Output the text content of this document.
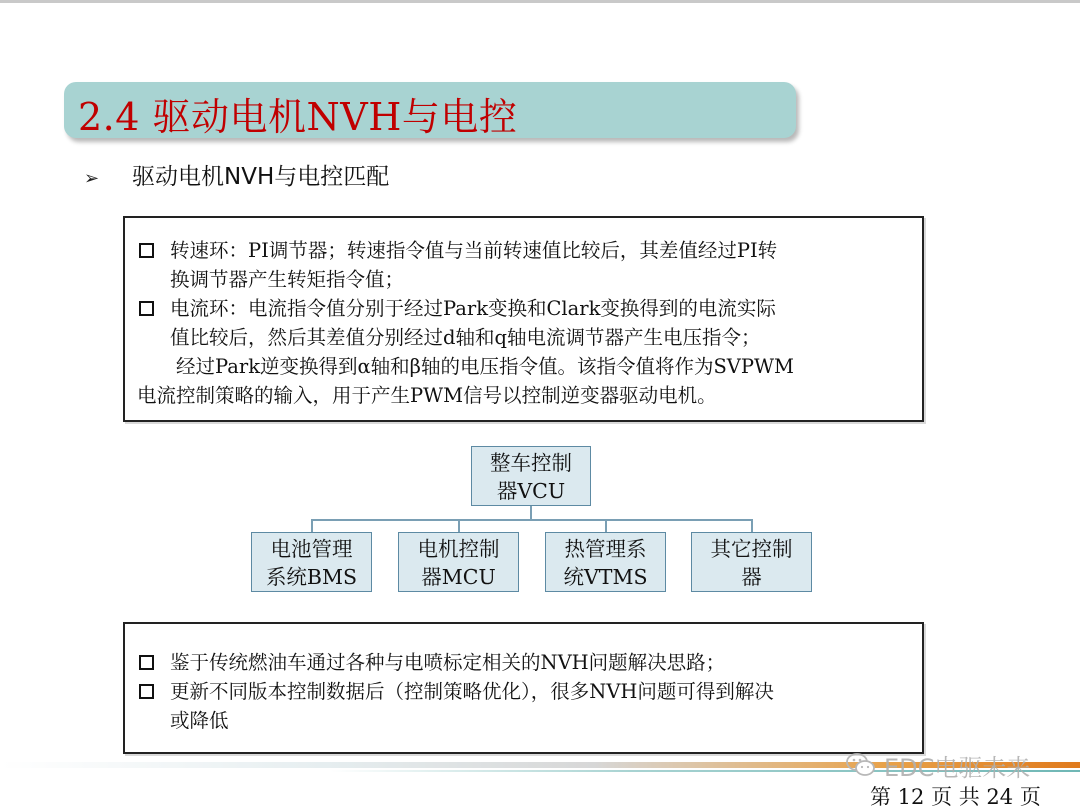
2.4 驱动电机NVH与电控
➢ 驱动电机NVH与电控匹配
转速环：PI调节器；转速指令值与当前转速值比较后，其差值经过PI转
换调节器产生转矩指令值；
电流环：电流指令值分别于经过Park变换和Clark变换得到的电流实际
值比较后，然后其差值分别经过d轴和q轴电流调节器产生电压指令；
经过Park逆变换得到α轴和β轴的电压指令值。该指令值将作为SVPWM
电流控制策略的输入，用于产生PWM信号以控制逆变器驱动电机。
整车控制
器VCU
电池管理
系统BMS
电机控制
器MCU
热管理系
统VTMS
其它控制
器
鉴于传统燃油车通过各种与电喷标定相关的NVH问题解决思路；
更新不同版本控制数据后（控制策略优化），很多NVH问题可得到解决
或降低
EDC电驱未来
第 12 页 共 24 页
